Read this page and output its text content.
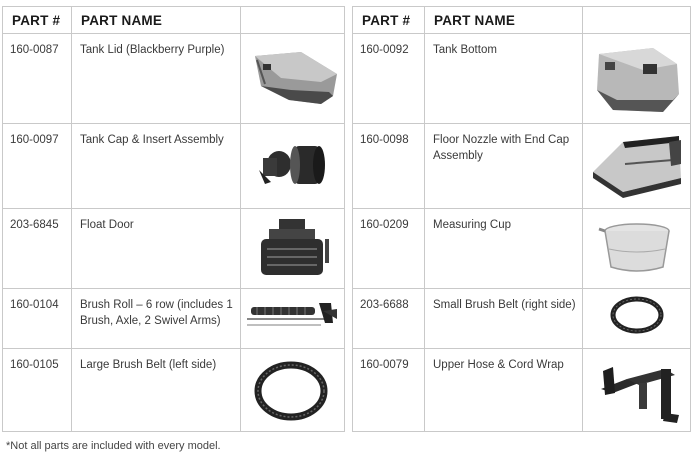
PART #	PART NAME	

160-0087	Tank Lid (Blackberry Purple)

160-0097	Tank Cap & Insert Assembly

203-6845	Float Door

160-0104	Brush Roll – 6 row (includes 1 Brush, Axle, 2 Swivel Arms)

160-0105	Large Brush Belt (left side)

PART #	PART NAME	

160-0092	Tank Bottom

160-0098	Floor Nozzle with End Cap Assembly

160-0209	Measuring Cup

203-6688	Small Brush Belt (right side)

160-0079	Upper Hose & Cord Wrap

*Not all parts are included with every model.
